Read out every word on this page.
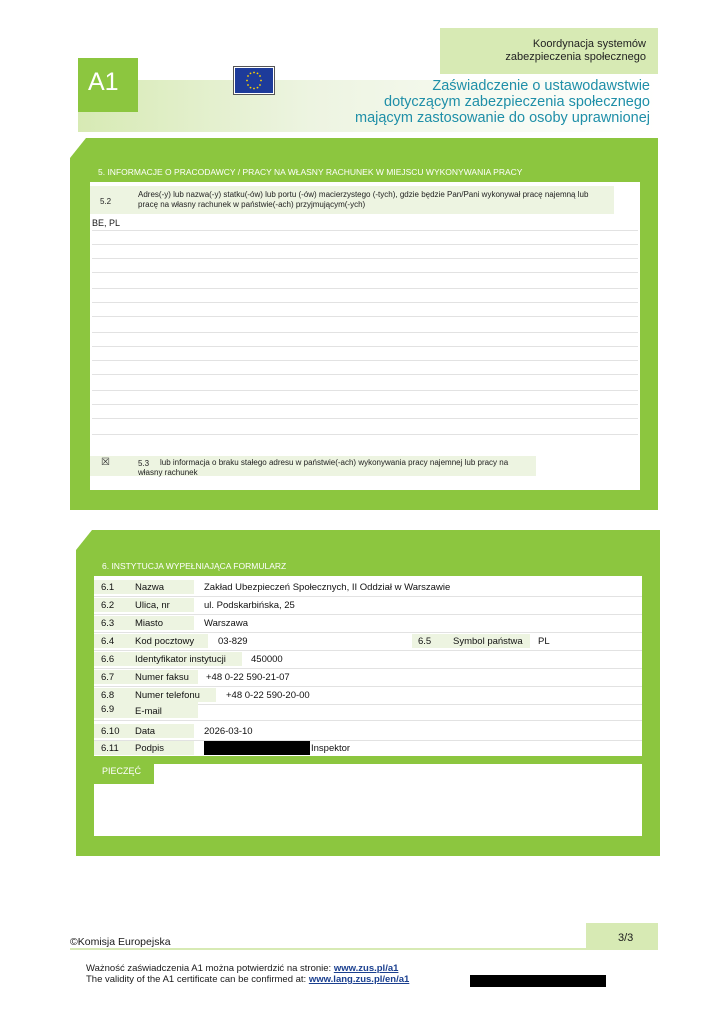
Koordynacja systemów
zabezpieczenia społecznego
A1	Zaświadczenie o ustawodawstwie
dotyczącym zabezpieczenia społecznego
mającym zastosowanie do osoby uprawnionej
5. INFORMACJE O PRACODAWCY / PRACY NA WŁASNY RACHUNEK W MIEJSCU WYKONYWANIA PRACY
5.2
Adres(-y) lub nazwa(-y) statku(-ów) lub portu (-ów) macierzystego (-tych), gdzie będzie Pan/Pani wykonywał pracę najemną lub pracę na własny rachunek w państwie(-ach) przyjmującym(-ych)
BE, PL
☒	5.3	lub informacja o braku stałego adresu w państwie(-ach) wykonywania pracy najemnej lub pracy na własny rachunek
6. INSTYTUCJA WYPEŁNIAJĄCA FORMULARZ
6.1 Nazwa	Zakład Ubezpieczeń Społecznych, II Oddział w Warszawie
6.2 Ulica, nr	ul. Podskarbińska, 25
6.3 Miasto	Warszawa
6.4 Kod pocztowy	03-829	6.5 Symbol państwa PL
6.6 Identyfikator instytucji	450000
6.7 Numer faksu +48 0-22 590-21-07
6.8 Numer telefonu	+48 0-22 590-20-00
6.9 E-mail
6.10 Data	2026-03-10
6.11 Podpis	Inspektor
PIECZĘĆ
©Komisja Europejska	3/3
Ważność zaświadczenia A1 można potwierdzić na stronie: www.zus.pl/a1
The validity of the A1 certificate can be confirmed at: www.lang.zus.pl/en/a1
